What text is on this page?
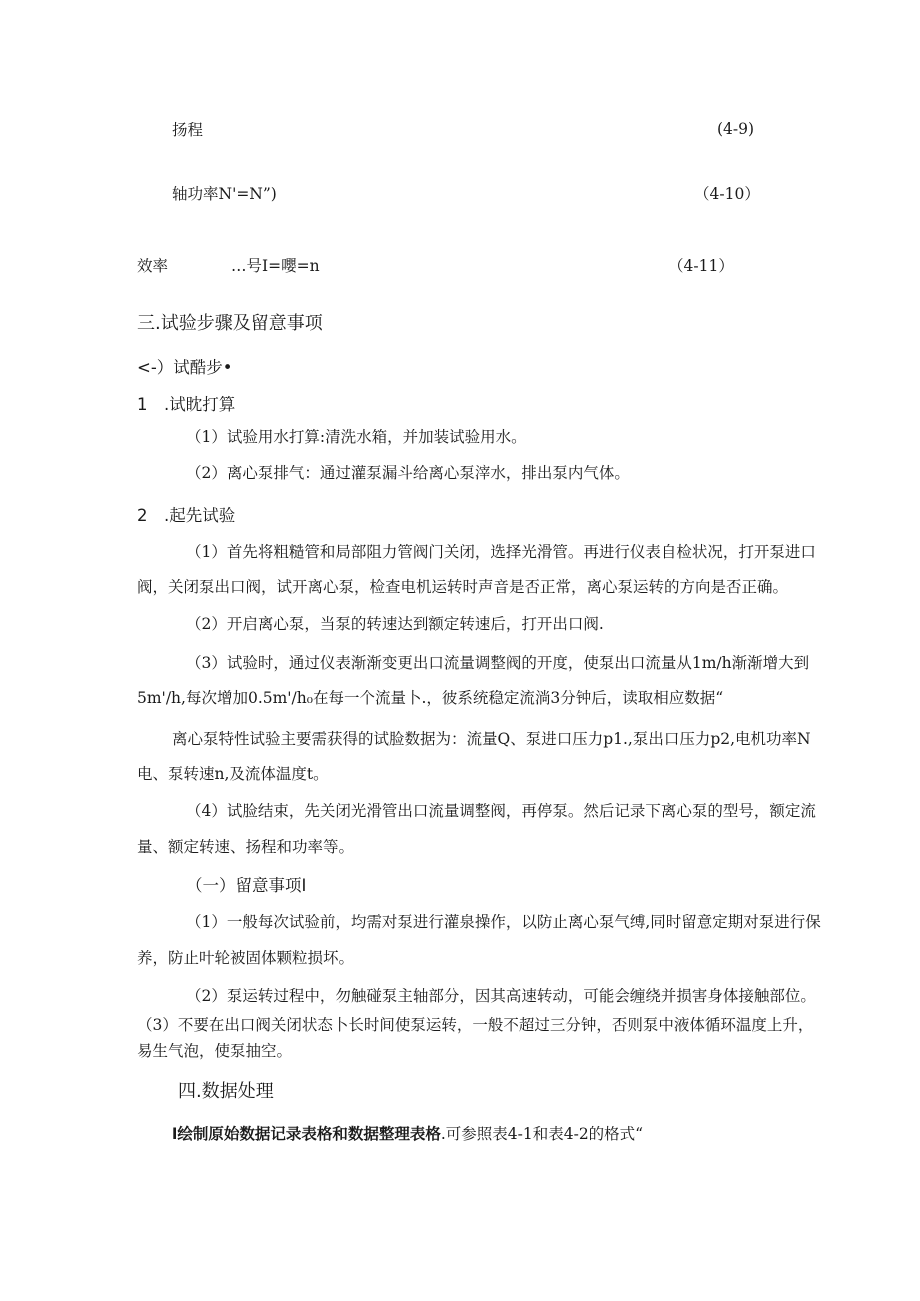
扬程	(4-9)
轴功率N'=N”)	（4-10）
效率	…号I=嚶=n	（4-11）
三.试验步骤及留意事项
<-）试酷步•
1　.试眈打算
（1）试验用水打算:清洗水箱，并加装试验用水。
（2）离心泵排气：通过灌泵漏斗给离心泵滓水，排出泵内气体。
2　.起先试验
（1）首先将粗糙管和局部阻力管阀门关闭，选择光滑管。再进行仪表自检状况，打开泵进口
阀，关闭泵出口阀，试开离心泵，检查电机运转时声音是否正常，离心泵运转的方向是否正确。
（2）开启离心泵，当泵的转速达到额定转速后，打开出口阀.
（3）试验时，通过仪表渐渐变更出口流量调整阀的开度，使泵出口流量从1m∕h渐渐增大到
5m'/h,每次增加0.5m'/h₀在每一个流量卜.，彼系统稳定流淌3分钟后，读取相应数据“
离心泵特性试验主要需获得的试脸数据为：流量Q、泵进口压力p1.,泵出口压力p2,电机功率N
电、泵转速n,及流体温度t。
（4）试脸结束，先关闭光滑管出口流量调整阀，再停泵。然后记录下离心泵的型号，额定流
量、额定转速、扬程和功率等。
（一）留意事项I
（1）一般每次试验前，均需对泵进行灌泉操作，以防止离心泵气缚,同时留意定期对泵进行保
养，防止叶轮被固体颗粒损坏。
（2）泵运转过程中，勿触碰泵主轴部分，因其高速转动，可能会缠绕并损害身体接触部位。
（3）不要在出口阀关闭状态卜长时间使泵运转，一般不超过三分钟，否则泵中液体循环温度上升，
易生气泡，使泵抽空。
四.数据处理
l绘制原始数据记录表格和数据整理表格.可参照表4-1和表4-2的格式“
